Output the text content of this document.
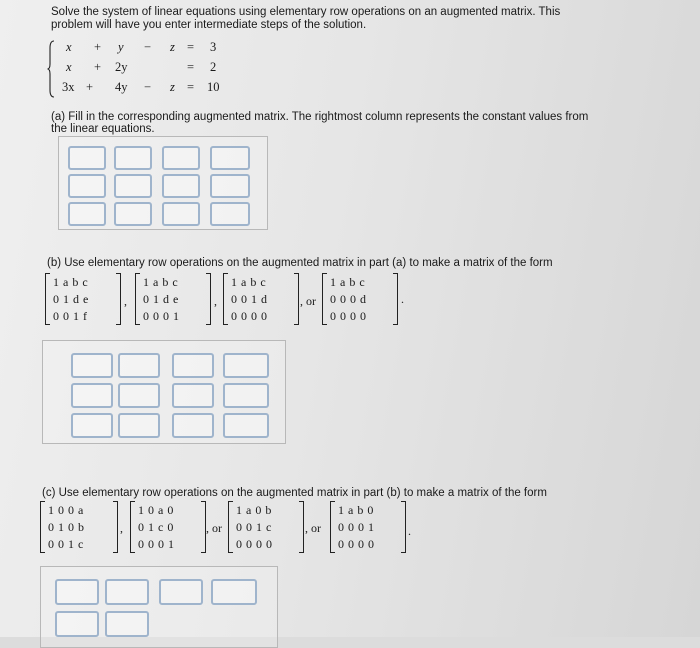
Solve the system of linear equations using elementary row operations on an augmented matrix. This
problem will have you enter intermediate steps of the solution.
x + y − z = 3
x + 2y	= 2
3x + 4y − z = 10
(a) Fill in the corresponding augmented matrix. The rightmost column represents the constant values from
the linear equations.
(b) Use elementary row operations on the augmented matrix in part (a) to make a matrix of the form
1 a b c
0 1 d e
0 0 1 f
,
1 a b c
0 1 d e
0 0 0 1
,
1 a b c
0 0 1 d
0 0 0 0
, or
1 a b c
0 0 0 d
0 0 0 0
.
(c) Use elementary row operations on the augmented matrix in part (b) to make a matrix of the form
1 0 0 a
0 1 0 b
0 0 1 c
,
1 0 a 0
0 1 c 0
0 0 0 1
, or
1 a 0 b
0 0 1 c
0 0 0 0
, or
1 a b 0
0 0 0 1
0 0 0 0
.
